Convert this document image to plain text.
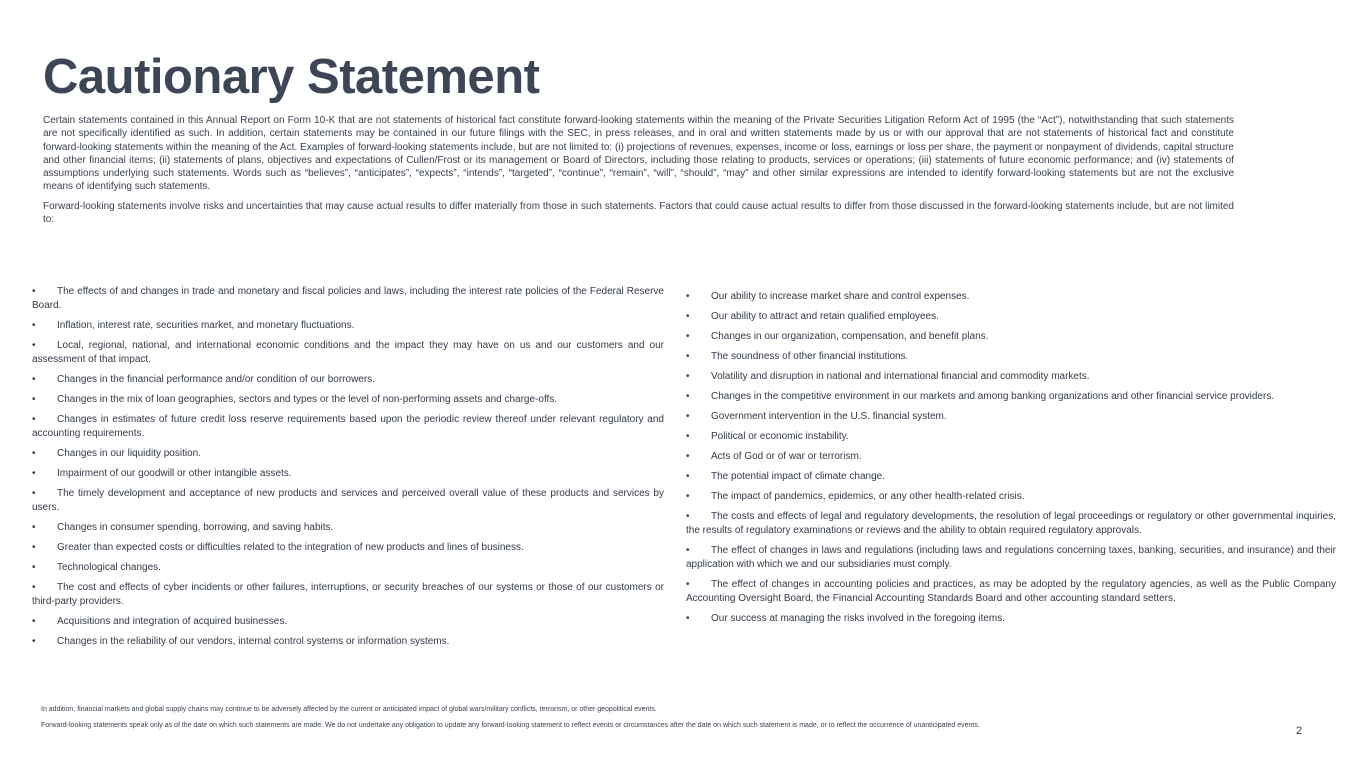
Cautionary Statement

Certain statements contained in this Annual Report on Form 10-K that are not statements of historical fact constitute forward-looking statements within the meaning of the Private Securities Litigation Reform Act of 1995 (the “Act”), notwithstanding that such statements are not specifically identified as such. In addition, certain statements may be contained in our future filings with the SEC, in press releases, and in oral and written statements made by us or with our approval that are not statements of historical fact and constitute forward-looking statements within the meaning of the Act. Examples of forward-looking statements include, but are not limited to: (i) projections of revenues, expenses, income or loss, earnings or loss per share, the payment or nonpayment of dividends, capital structure and other financial items; (ii) statements of plans, objectives and expectations of Cullen/Frost or its management or Board of Directors, including those relating to products, services or operations; (iii) statements of future economic performance; and (iv) statements of assumptions underlying such statements. Words such as “believes”, “anticipates”, “expects”, “intends”, “targeted”, “continue”, “remain”, “will”, “should”, “may” and other similar expressions are intended to identify forward-looking statements but are not the exclusive means of identifying such statements.

Forward-looking statements involve risks and uncertainties that may cause actual results to differ materially from those in such statements. Factors that could cause actual results to differ from those discussed in the forward-looking statements include, but are not limited to:

• The effects of and changes in trade and monetary and fiscal policies and laws, including the interest rate policies of the Federal Reserve Board.
• Inflation, interest rate, securities market, and monetary fluctuations.
• Local, regional, national, and international economic conditions and the impact they may have on us and our customers and our assessment of that impact.
• Changes in the financial performance and/or condition of our borrowers.
• Changes in the mix of loan geographies, sectors and types or the level of non-performing assets and charge-offs.
• Changes in estimates of future credit loss reserve requirements based upon the periodic review thereof under relevant regulatory and accounting requirements.
• Changes in our liquidity position.
• Impairment of our goodwill or other intangible assets.
• The timely development and acceptance of new products and services and perceived overall value of these products and services by users.
• Changes in consumer spending, borrowing, and saving habits.
• Greater than expected costs or difficulties related to the integration of new products and lines of business.
• Technological changes.
• The cost and effects of cyber incidents or other failures, interruptions, or security breaches of our systems or those of our customers or third-party providers.
• Acquisitions and integration of acquired businesses.
• Changes in the reliability of our vendors, internal control systems or information systems.
• Our ability to increase market share and control expenses.
• Our ability to attract and retain qualified employees.
• Changes in our organization, compensation, and benefit plans.
• The soundness of other financial institutions.
• Volatility and disruption in national and international financial and commodity markets.
• Changes in the competitive environment in our markets and among banking organizations and other financial service providers.
• Government intervention in the U.S. financial system.
• Political or economic instability.
• Acts of God or of war or terrorism.
• The potential impact of climate change.
• The impact of pandemics, epidemics, or any other health-related crisis.
• The costs and effects of legal and regulatory developments, the resolution of legal proceedings or regulatory or other governmental inquiries, the results of regulatory examinations or reviews and the ability to obtain required regulatory approvals.
• The effect of changes in laws and regulations (including laws and regulations concerning taxes, banking, securities, and insurance) and their application with which we and our subsidiaries must comply.
• The effect of changes in accounting policies and practices, as may be adopted by the regulatory agencies, as well as the Public Company Accounting Oversight Board, the Financial Accounting Standards Board and other accounting standard setters.
• Our success at managing the risks involved in the foregoing items.

In addition, financial markets and global supply chains may continue to be adversely affected by the current or anticipated impact of global wars/military conflicts, terrorism, or other geopolitical events.

Forward-looking statements speak only as of the date on which such statements are made. We do not undertake any obligation to update any forward-looking statement to reflect events or circumstances after the date on which such statement is made, or to reflect the occurrence of unanticipated events.	2
